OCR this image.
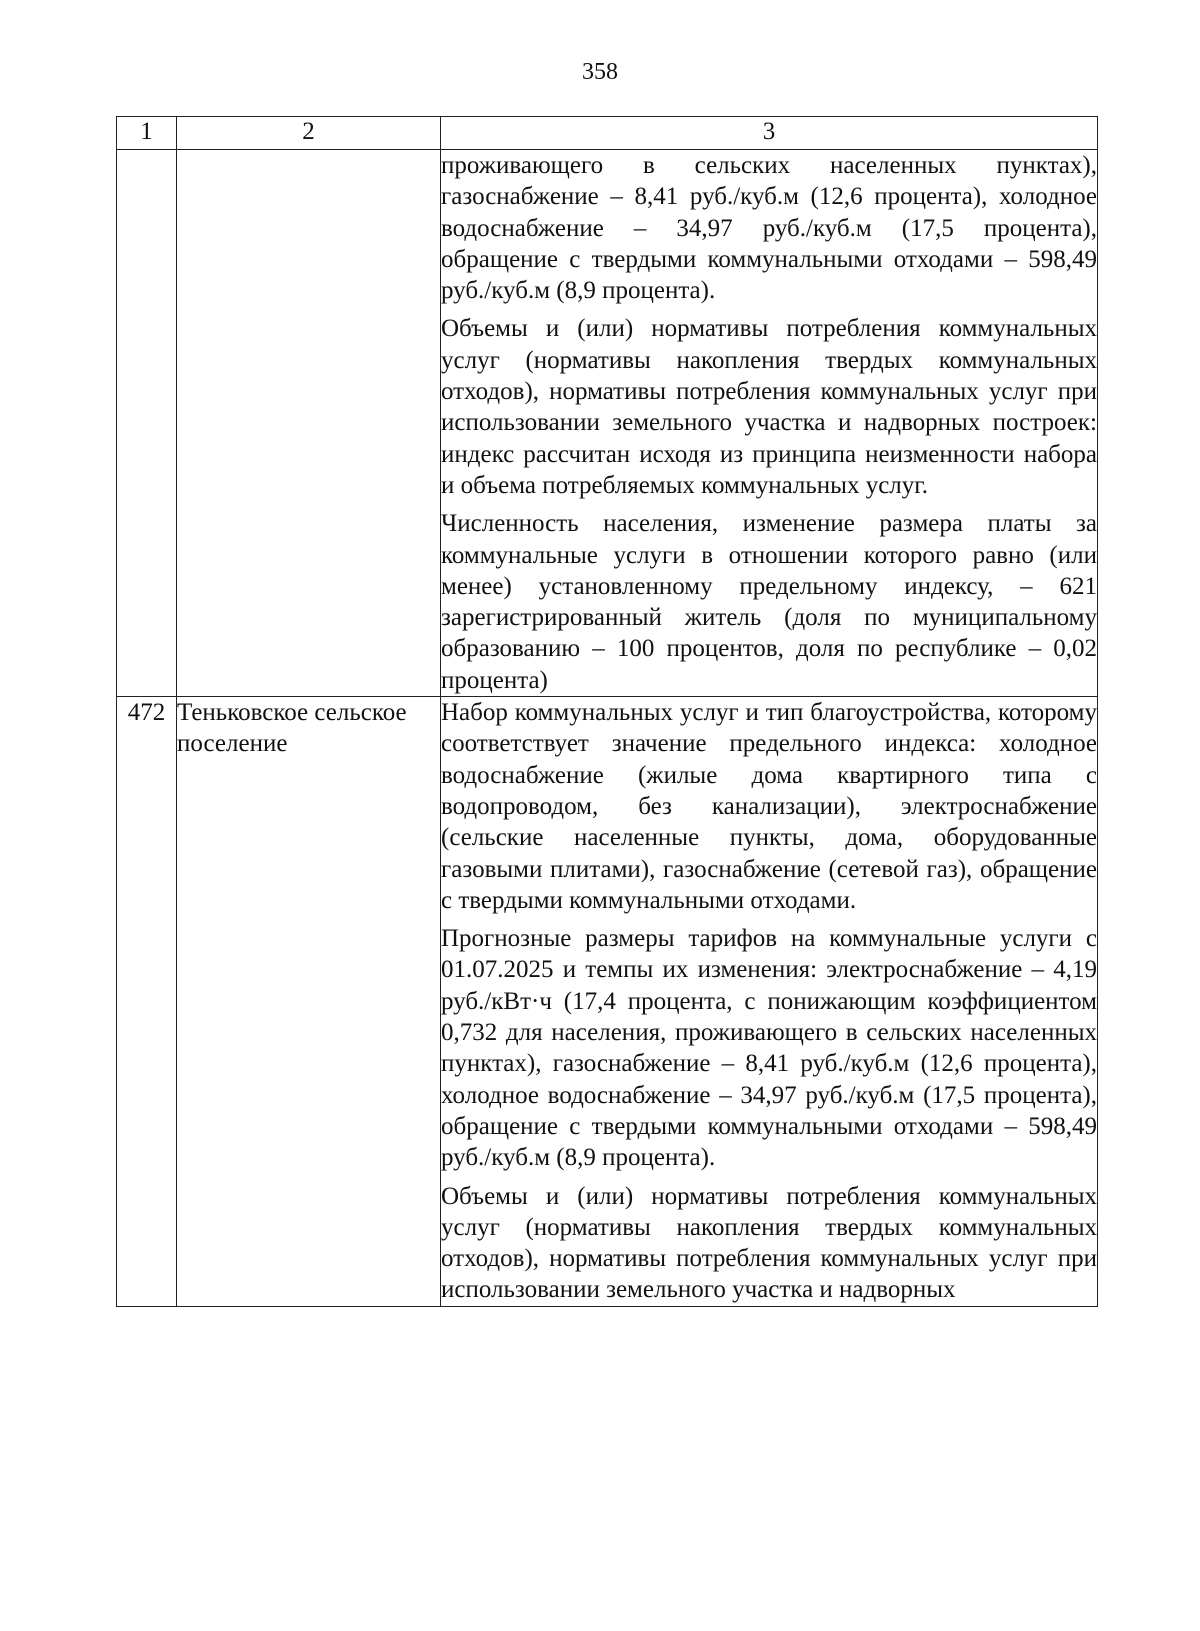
358
1	2	3

		проживающего в сельских населенных пунктах), газоснабжение – 8,41 руб./куб.м (12,6 процента), холодное водоснабжение – 34,97 руб./куб.м (17,5 процента), обращение с твердыми коммунальными отходами – 598,49 руб./куб.м (8,9 процента).

Объемы и (или) нормативы потребления коммунальных услуг (нормативы накопления твердых коммунальных отходов), нормативы потребления коммунальных услуг при использовании земельного участка и надворных построек: индекс рассчитан исходя из принципа неизменности набора и объема потребляемых коммунальных услуг.

Численность населения, изменение размера платы за коммунальные услуги в отношении которого равно (или менее) установленному предельному индексу, – 621 зарегистрированный житель (доля по муниципальному образованию – 100 процентов, доля по республике – 0,02 процента)

472	Теньковское сельское поселение	Набор коммунальных услуг и тип благоустройства, которому соответствует значение предельного индекса: холодное водоснабжение (жилые дома квартирного типа с водопроводом, без канализации), электроснабжение (сельские населенные пункты, дома, оборудованные газовыми плитами), газоснабжение (сетевой газ), обращение с твердыми коммунальными отходами.

Прогнозные размеры тарифов на коммунальные услуги с 01.07.2025 и темпы их изменения: электроснабжение – 4,19 руб./кВт·ч (17,4 процента, с понижающим коэффициентом 0,732 для населения, проживающего в сельских населенных пунктах), газоснабжение – 8,41 руб./куб.м (12,6 процента), холодное водоснабжение – 34,97 руб./куб.м (17,5 процента), обращение с твердыми коммунальными отходами – 598,49 руб./куб.м (8,9 процента).

Объемы и (или) нормативы потребления коммунальных услуг (нормативы накопления твердых коммунальных отходов), нормативы потребления коммунальных услуг при использовании земельного участка и надворных
